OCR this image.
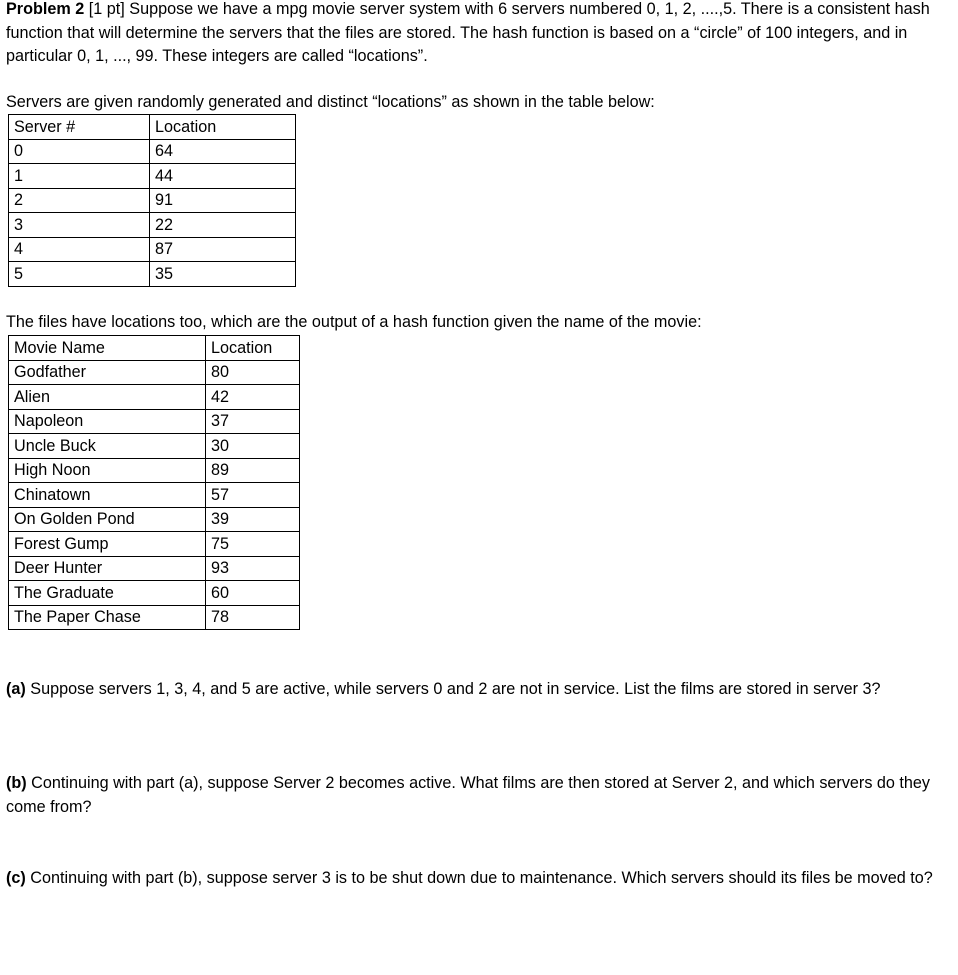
Problem 2 [1 pt] Suppose we have a mpg movie server system with 6 servers numbered 0, 1, 2, ....,5. There is a consistent hash function that will determine the servers that the files are stored. The hash function is based on a “circle” of 100 integers, and in particular 0, 1, ..., 99. These integers are called “locations”.

Servers are given randomly generated and distinct “locations” as shown in the table below:

Server #	Location
0	64
1	44
2	91
3	22
4	87
5	35

The files have locations too, which are the output of a hash function given the name of the movie:

Movie Name	Location
Godfather	80
Alien	42
Napoleon	37
Uncle Buck	30
High Noon	89
Chinatown	57
On Golden Pond	39
Forest Gump	75
Deer Hunter	93
The Graduate	60
The Paper Chase	78

(a) Suppose servers 1, 3, 4, and 5 are active, while servers 0 and 2 are not in service. List the films are stored in server 3?

(b) Continuing with part (a), suppose Server 2 becomes active. What films are then stored at Server 2, and which servers do they come from?

(c) Continuing with part (b), suppose server 3 is to be shut down due to maintenance. Which servers should its files be moved to?
